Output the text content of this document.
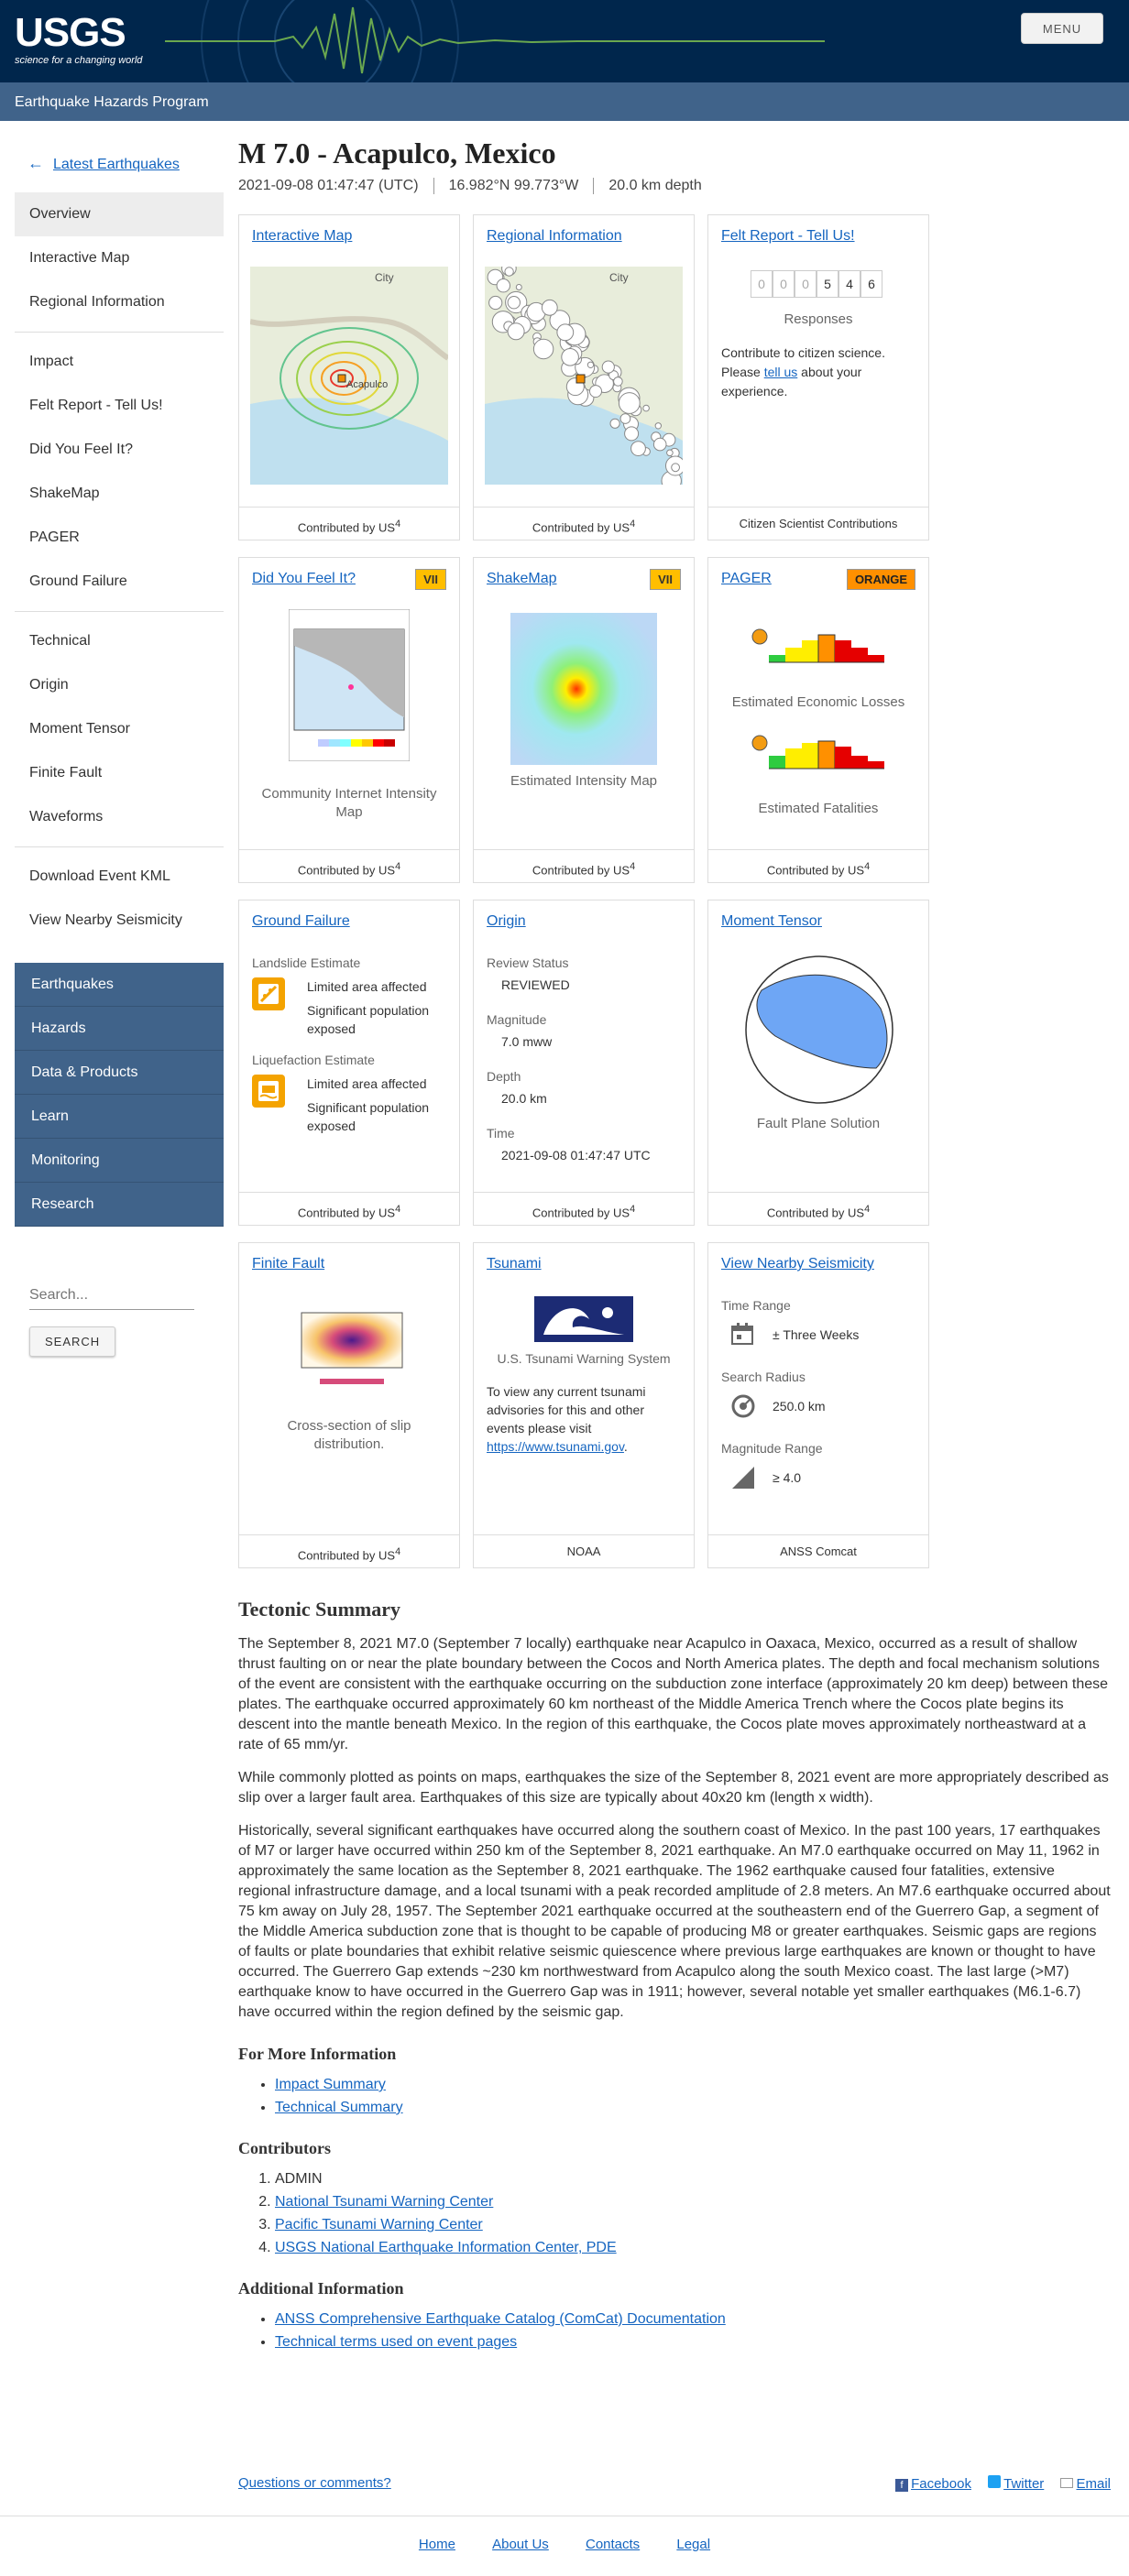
USGS
science for a changing world
MENU
Earthquake Hazards Program
← Latest Earthquakes
Overview
Interactive Map
Regional Information
Impact
Felt Report - Tell Us!
Did You Feel It?
ShakeMap
PAGER
Ground Failure
Technical
Origin
Moment Tensor
Finite Fault
Waveforms
Download Event KML
View Nearby Seismicity
Earthquakes
Hazards
Data & Products
Learn
Monitoring
Research
Search...
SEARCH
M 7.0 - Acapulco, Mexico
2021-09-08 01:47:47 (UTC) 16.982°N 99.773°W 20.0 km depth
Interactive Map
City
Acapulco
Contributed by $US^4$
Regional Information
City
Contributed by $US^4$
Felt Report - Tell Us!
0	0	0	5	4	6
Responses
Contribute to citizen science. Please tell us about your experience.
Citizen Scientist Contributions
Did You Feel It?	VII
Community Internet Intensity Map
Contributed by $US^4$
ShakeMap	VII
Estimated Intensity Map
Contributed by $US^4$
PAGER	ORANGE
Estimated Economic Losses
Estimated Fatalities
Contributed by $US^4$
Ground Failure
Landslide Estimate
Limited area affected
Significant population exposed
Liquefaction Estimate
Limited area affected
Significant population exposed
Contributed by $US^4$
Origin
Review Status
REVIEWED
Magnitude
7.0 mww
Depth
20.0 km
Time
2021-09-08 01:47:47 UTC
Contributed by $US^4$
Moment Tensor
Fault Plane Solution
Contributed by $US^4$
Finite Fault
Cross-section of slip distribution.
Contributed by $US^4$
Tsunami
U.S. Tsunami Warning System
To view any current tsunami advisories for this and other events please visit https://www.tsunami.gov.
NOAA
View Nearby Seismicity
Time Range
± Three Weeks
Search Radius
250.0 km
Magnitude Range
≥ 4.0
ANSS Comcat
Tectonic Summary

The September 8, 2021 M7.0 (September 7 locally) earthquake near Acapulco in Oaxaca, Mexico, occurred as a result of shallow thrust faulting on or near the plate boundary between the Cocos and North America plates. The depth and focal mechanism solutions of the event are consistent with the earthquake occurring on the subduction zone interface (approximately 20 km deep) between these plates. The earthquake occurred approximately 60 km northeast of the Middle America Trench where the Cocos plate begins its descent into the mantle beneath Mexico. In the region of this earthquake, the Cocos plate moves approximately northeastward at a rate of 65 mm/yr.

While commonly plotted as points on maps, earthquakes the size of the September 8, 2021 event are more appropriately described as slip over a larger fault area. Earthquakes of this size are typically about 40x20 km (length x width).

Historically, several significant earthquakes have occurred along the southern coast of Mexico. In the past 100 years, 17 earthquakes of M7 or larger have occurred within 250 km of the September 8, 2021 earthquake. An M7.0 earthquake occurred on May 11, 1962 in approximately the same location as the September 8, 2021 earthquake. The 1962 earthquake caused four fatalities, extensive regional infrastructure damage, and a local tsunami with a peak recorded amplitude of 2.8 meters. An M7.6 earthquake occurred about 75 km away on July 28, 1957. The September 2021 earthquake occurred at the southeastern end of the Guerrero Gap, a segment of the Middle America subduction zone that is thought to be capable of producing M8 or greater earthquakes. Seismic gaps are regions of faults or plate boundaries that exhibit relative seismic quiescence where previous large earthquakes are known or thought to have occurred. The Guerrero Gap extends ~230 km northwestward from Acapulco along the south Mexico coast. The last large (>M7) earthquake know to have occurred in the Guerrero Gap was in 1911; however, several notable yet smaller earthquakes (M6.1-6.7) have occurred within the region defined by the seismic gap.

For More Information
• Impact Summary
• Technical Summary
Contributors
1. ADMIN
2. National Tsunami Warning Center
3. Pacific Tsunami Warning Center
4. USGS National Earthquake Information Center, PDE
Additional Information
• ANSS Comprehensive Earthquake Catalog (ComCat) Documentation
• Technical terms used on event pages
Questions or comments?	f Facebook Twitter Email
Home	About Us	Contacts	Legal
